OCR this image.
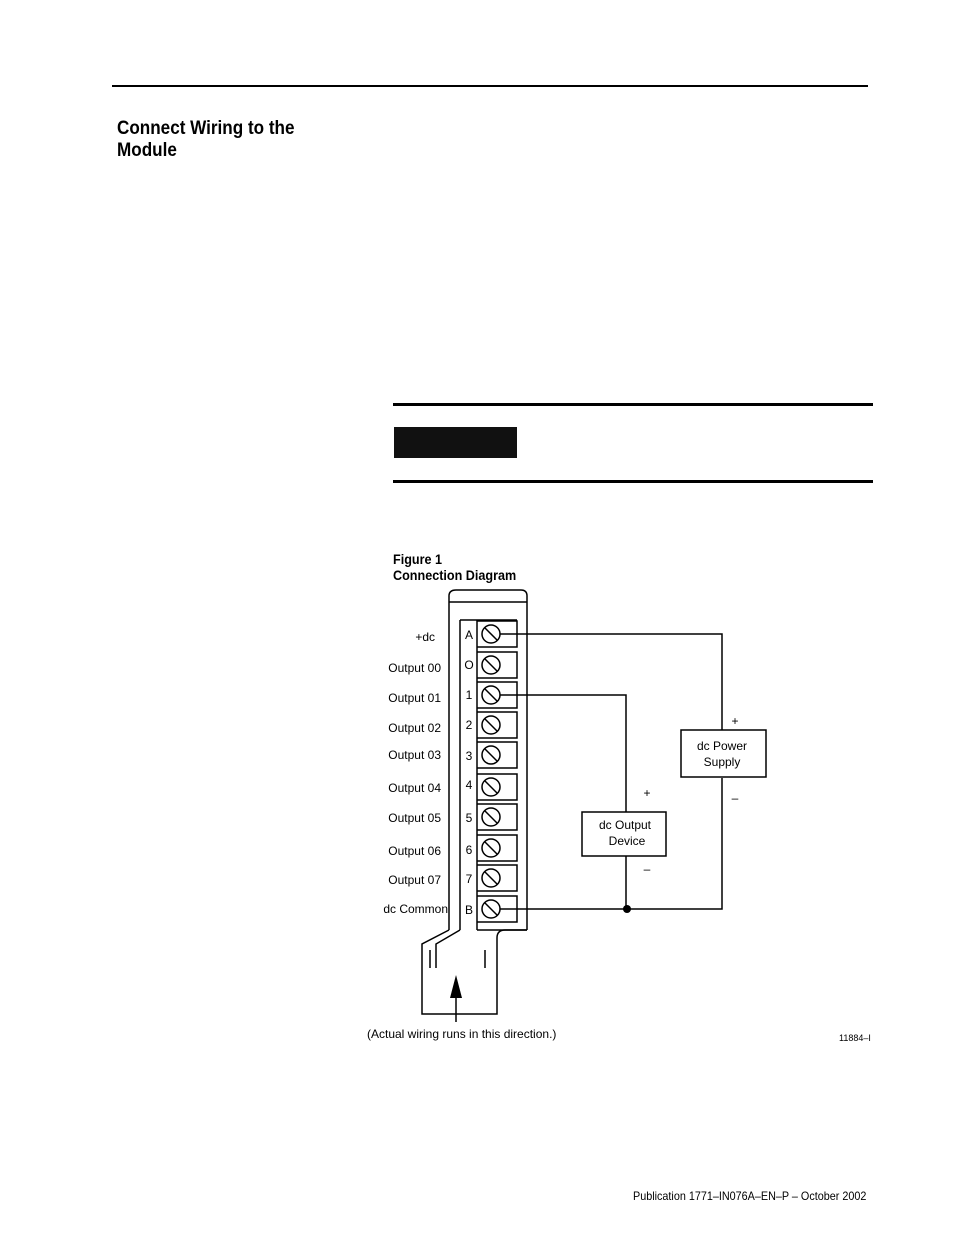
Connect Wiring to the
Module
Figure 1
Connection Diagram
dc Power
Supply
+
–
dc Output
Device
+
–
(Actual wiring runs in this direction.)	11884–I
A
+dc
O
Output 00
1
Output 01
2
Output 02
3
Output 03
4
Output 04
5
Output 05
6
Output 06
7
Output 07
B
dc Common
Publication 1771–IN076A–EN–P – October 2002
